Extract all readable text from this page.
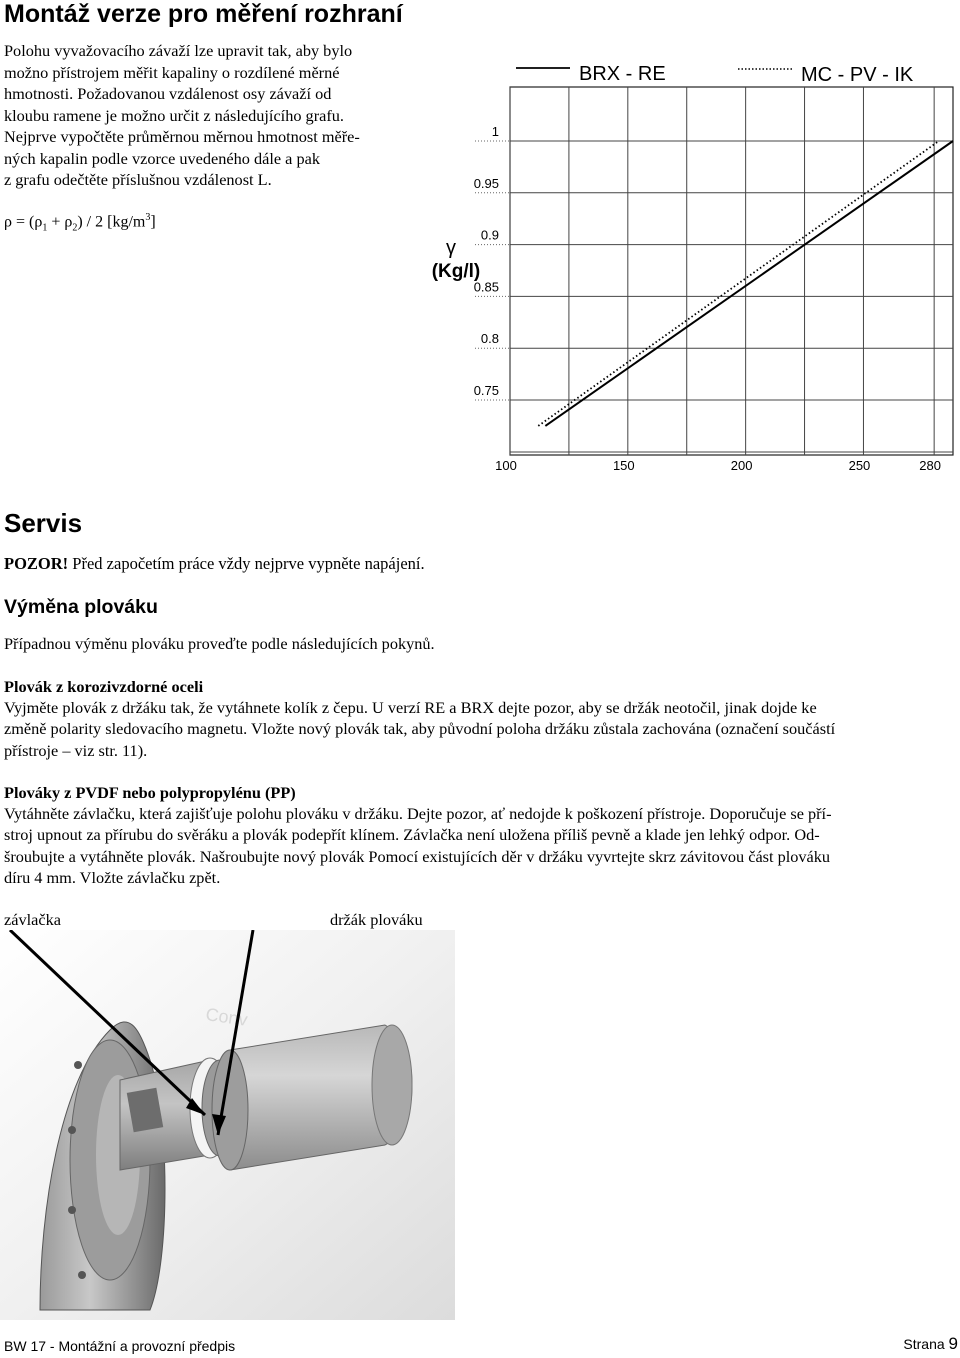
Montáž verze pro měření rozhraní

Polohu vyvažovacího závaží lze upravit tak, aby bylo

možno přístrojem měřit kapaliny o rozdílené měrné

hmotnosti. Požadovanou vzdálenost osy závaží od

kloubu ramene je možno určit z následujícího grafu.

Nejprve vypočtěte průměrnou měrnou hmotnost měře-

ných kapalin podle vzorce uvedeného dále a pak

z grafu odečtěte příslušnou vzdálenost L.

$\rho = (\rho_1 + \rho_2) / 2$ $[kg/m^3]$
1
0.95
0.9
0.85
0.8
0.75
100	150	200	250	280
BRX - RE	MC - PV - IK
γ
(Kg/l)
Servis
POZOR! Před započetím práce vždy nejprve vypněte napájení.
Výměna plováku

Případnou výměnu plováku proveďte podle následujících pokynů.

Plovák z korozivzdorné oceli

Vyjměte plovák z držáku tak, že vytáhnete kolík z čepu. U verzí RE a BRX dejte pozor, aby se držák neotočil, jinak dojde ke

změně polarity sledovacího magnetu. Vložte nový plovák tak, aby původní poloha držáku zůstala zachována (označení součástí

přístroje – viz str. 11).

Plováky z PVDF nebo polypropylénu (PP)

Vytáhněte závlačku, která zajišťuje polohu plováku v držáku. Dejte pozor, ať nedojde k poškození přístroje. Doporučuje se pří-

stroj upnout za přírubu do svěráku a plovák podepřít klínem. Závlačka není uložena příliš pevně a klade jen lehký odpor. Od-

šroubujte a vytáhněte plovák. Našroubujte nový plovák Pomocí existujících děr v držáku vyvrtejte skrz závitovou část plováku

díru 4 mm. Vložte závlačku zpět.

závlačka	držák plováku
Conv
BW 17 - Montážní a provozní předpis	Strana 9
